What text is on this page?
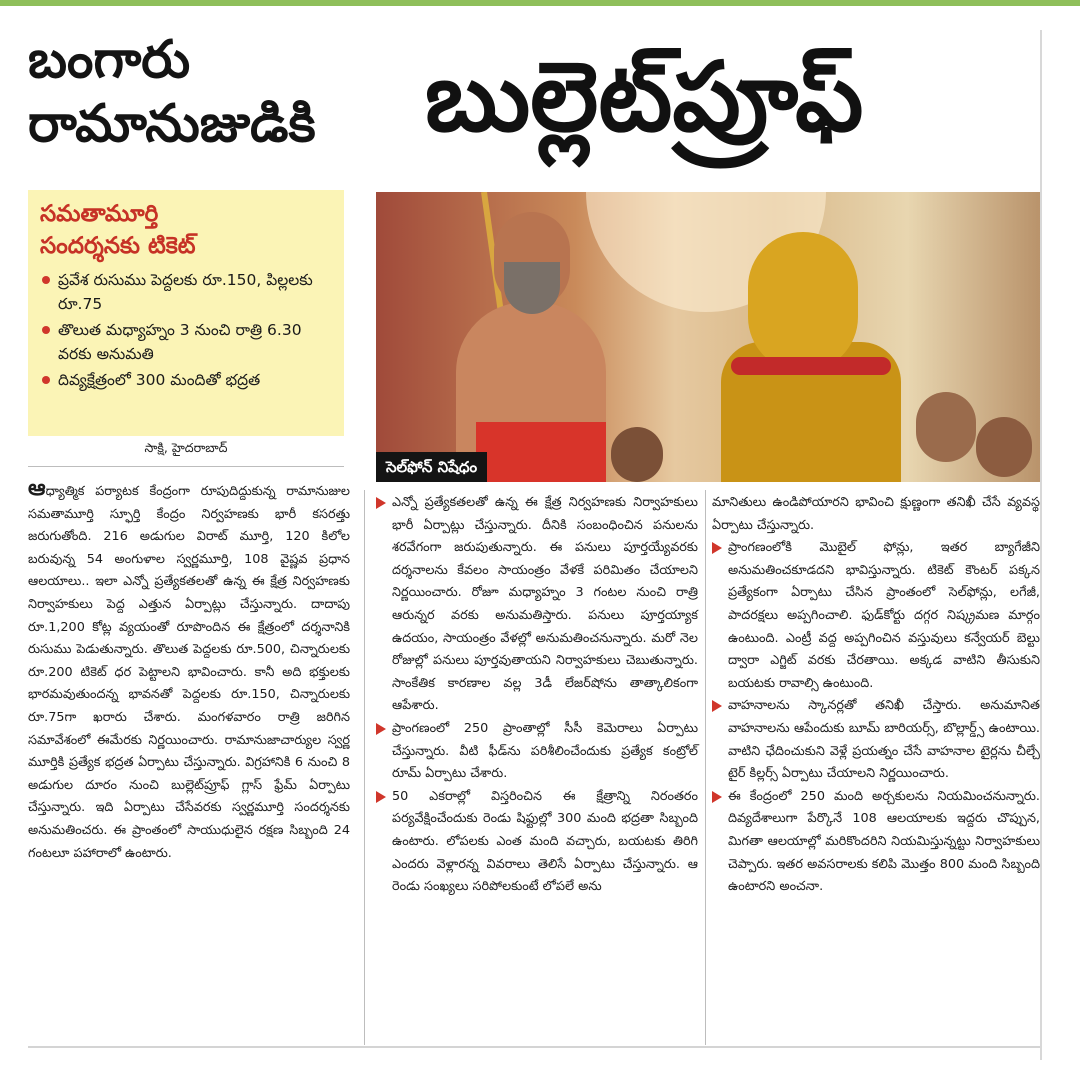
బంగారు
రామానుజుడికి	బుల్లెట్‌ప్రూఫ్
సమతామూర్తి
సందర్శనకు టికెట్
ప్రవేశ రుసుము పెద్దలకు రూ.150, పిల్లలకు రూ.75
తొలుత మధ్యాహ్నం 3 నుంచి రాత్రి 6.30 వరకు అనుమతి
దివ్యక్షేత్రంలో 300 మందితో భద్రత
సాక్షి, హైదరాబాద్‌
సెల్‌ఫోన్‌ నిషేధం

ఆధ్యాత్మిక పర్యాటక కేంద్రంగా రూపుదిద్దుకున్న రామానుజుల సమతామూర్తి స్ఫూర్తి కేంద్రం నిర్వహణకు భారీ కసరత్తు జరుగుతోంది. 216 అడుగుల విరాట్‌ మూర్తి, 120 కిలోల బరువున్న 54 అంగుళాల స్వర్ణమూర్తి, 108 వైష్ణవ ప్రధాన ఆలయాలు.. ఇలా ఎన్నో ప్రత్యేకతలతో ఉన్న ఈ క్షేత్ర నిర్వహణకు నిర్వాహకులు పెద్ద ఎత్తున ఏర్పాట్లు చేస్తున్నారు. దాదాపు రూ.1,200 కోట్ల వ్యయంతో రూపొందిన ఈ క్షేత్రంలో దర్శనానికి రుసుము పెడుతున్నారు. తొలుత పెద్దలకు రూ.500, చిన్నారులకు రూ.200 టికెట్‌ ధర పెట్టాలని భావించారు. కానీ అది భక్తులకు భారమవుతుందన్న భావనతో పెద్దలకు రూ.150, చిన్నారులకు రూ.75గా ఖరారు చేశారు. మంగళవారం రాత్రి జరిగిన సమావేశంలో ఈమేరకు నిర్ణయించారు. రామానుజాచార్యుల స్వర్ణ మూర్తికి ప్రత్యేక భద్రత ఏర్పాటు చేస్తున్నారు. విగ్రహానికి 6 నుంచి 8 అడుగుల దూరం నుంచి బుల్లెట్‌ప్రూఫ్‌ గ్లాస్‌ ఫ్రేమ్‌ ఏర్పాటు చేస్తున్నారు. ఇది ఏర్పాటు చేసేవరకు స్వర్ణమూర్తి సందర్శనకు అనుమతించరు. ఈ ప్రాంతంలో సాయుధులైన రక్షణ సిబ్బంది 24 గంటలూ పహారాలో ఉంటారు.

ఎన్నో ప్రత్యేకతలతో ఉన్న ఈ క్షేత్ర నిర్వహణకు నిర్వాహకులు భారీ ఏర్పాట్లు చేస్తున్నారు. దీనికి సంబంధించిన పనులను శరవేగంగా జరుపుతున్నారు. ఈ పనులు పూర్తయ్యేవరకు దర్శనాలను కేవలం సాయంత్రం వేళకే పరిమితం చేయాలని నిర్ణయించారు. రోజూ మధ్యాహ్నం 3 గంటల నుంచి రాత్రి ఆరున్నర వరకు అనుమతిస్తారు. పనులు పూర్తయ్యాక ఉదయం, సాయంత్రం వేళల్లో అనుమతించనున్నారు. మరో నెల రోజుల్లో పనులు పూర్తవుతాయని నిర్వాహకులు చెబుతున్నారు. సాంకేతిక కారణాల వల్ల 3డీ లేజర్‌షోను తాత్కాలికంగా ఆపేశారు.

ప్రాంగణంలో 250 ప్రాంతాల్లో సీసీ కెమెరాలు ఏర్పాటు చేస్తున్నారు. వీటి ఫీడ్‌ను పరిశీలించేందుకు ప్రత్యేక కంట్రోల్‌ రూమ్‌ ఏర్పాటు చేశారు.

50 ఎకరాల్లో విస్తరించిన ఈ క్షేత్రాన్ని నిరంతరం పర్యవేక్షించేందుకు రెండు షిఫ్టుల్లో 300 మంది భద్రతా సిబ్బంది ఉంటారు. లోపలకు ఎంత మంది వచ్చారు, బయటకు తిరిగి ఎందరు వెళ్లారన్న వివరాలు తెలిసే ఏర్పాటు చేస్తున్నారు. ఆ రెండు సంఖ్యలు సరిపోలకుంటే లోపలే అను

మానితులు ఉండిపోయారని భావించి క్షుణ్ణంగా తనిఖీ చేసే వ్యవస్థ ఏర్పాటు చేస్తున్నారు.

ప్రాంగణంలోకి మొబైల్‌ ఫోన్లు, ఇతర బ్యాగేజీని అనుమతించకూడదని భావిస్తున్నారు. టికెట్‌ కౌంటర్‌ పక్కన ప్రత్యేకంగా ఏర్పాటు చేసిన ప్రాంతంలో సెల్‌ఫోన్లు, లగేజీ, పాదరక్షలు అప్పగించాలి. ఫుడ్‌కోర్టు దగ్గర నిష్క్రమణ మార్గం ఉంటుంది. ఎంట్రీ వద్ద అప్పగించిన వస్తువులు కన్వేయర్‌ బెల్టు ద్వారా ఎగ్జిట్‌ వరకు చేరతాయి. అక్కడ వాటిని తీసుకుని బయటకు రావాల్సి ఉంటుంది.

వాహనాలను స్కానర్లతో తనిఖీ చేస్తారు. అనుమానిత వాహనాలను ఆపేందుకు బూమ్‌ బారియర్స్, బొల్లార్డ్స్‌ ఉంటాయి. వాటిని ఛేదించుకుని వెళ్లే ప్రయత్నం చేసే వాహనాల టైర్లను చీల్చే టైర్‌ కిల్లర్స్‌ ఏర్పాటు చేయాలని నిర్ణయించారు.

ఈ కేంద్రంలో 250 మంది అర్చకులను నియమించనున్నారు. దివ్యదేశాలుగా పేర్కొనే 108 ఆలయాలకు ఇద్దరు చొప్పున, మిగతా ఆలయాల్లో మరికొందరిని నియమిస్తున్నట్టు నిర్వాహకులు చెప్పారు. ఇతర అవసరాలకు కలిపి మొత్తం 800 మంది సిబ్బంది ఉంటారని అంచనా.
